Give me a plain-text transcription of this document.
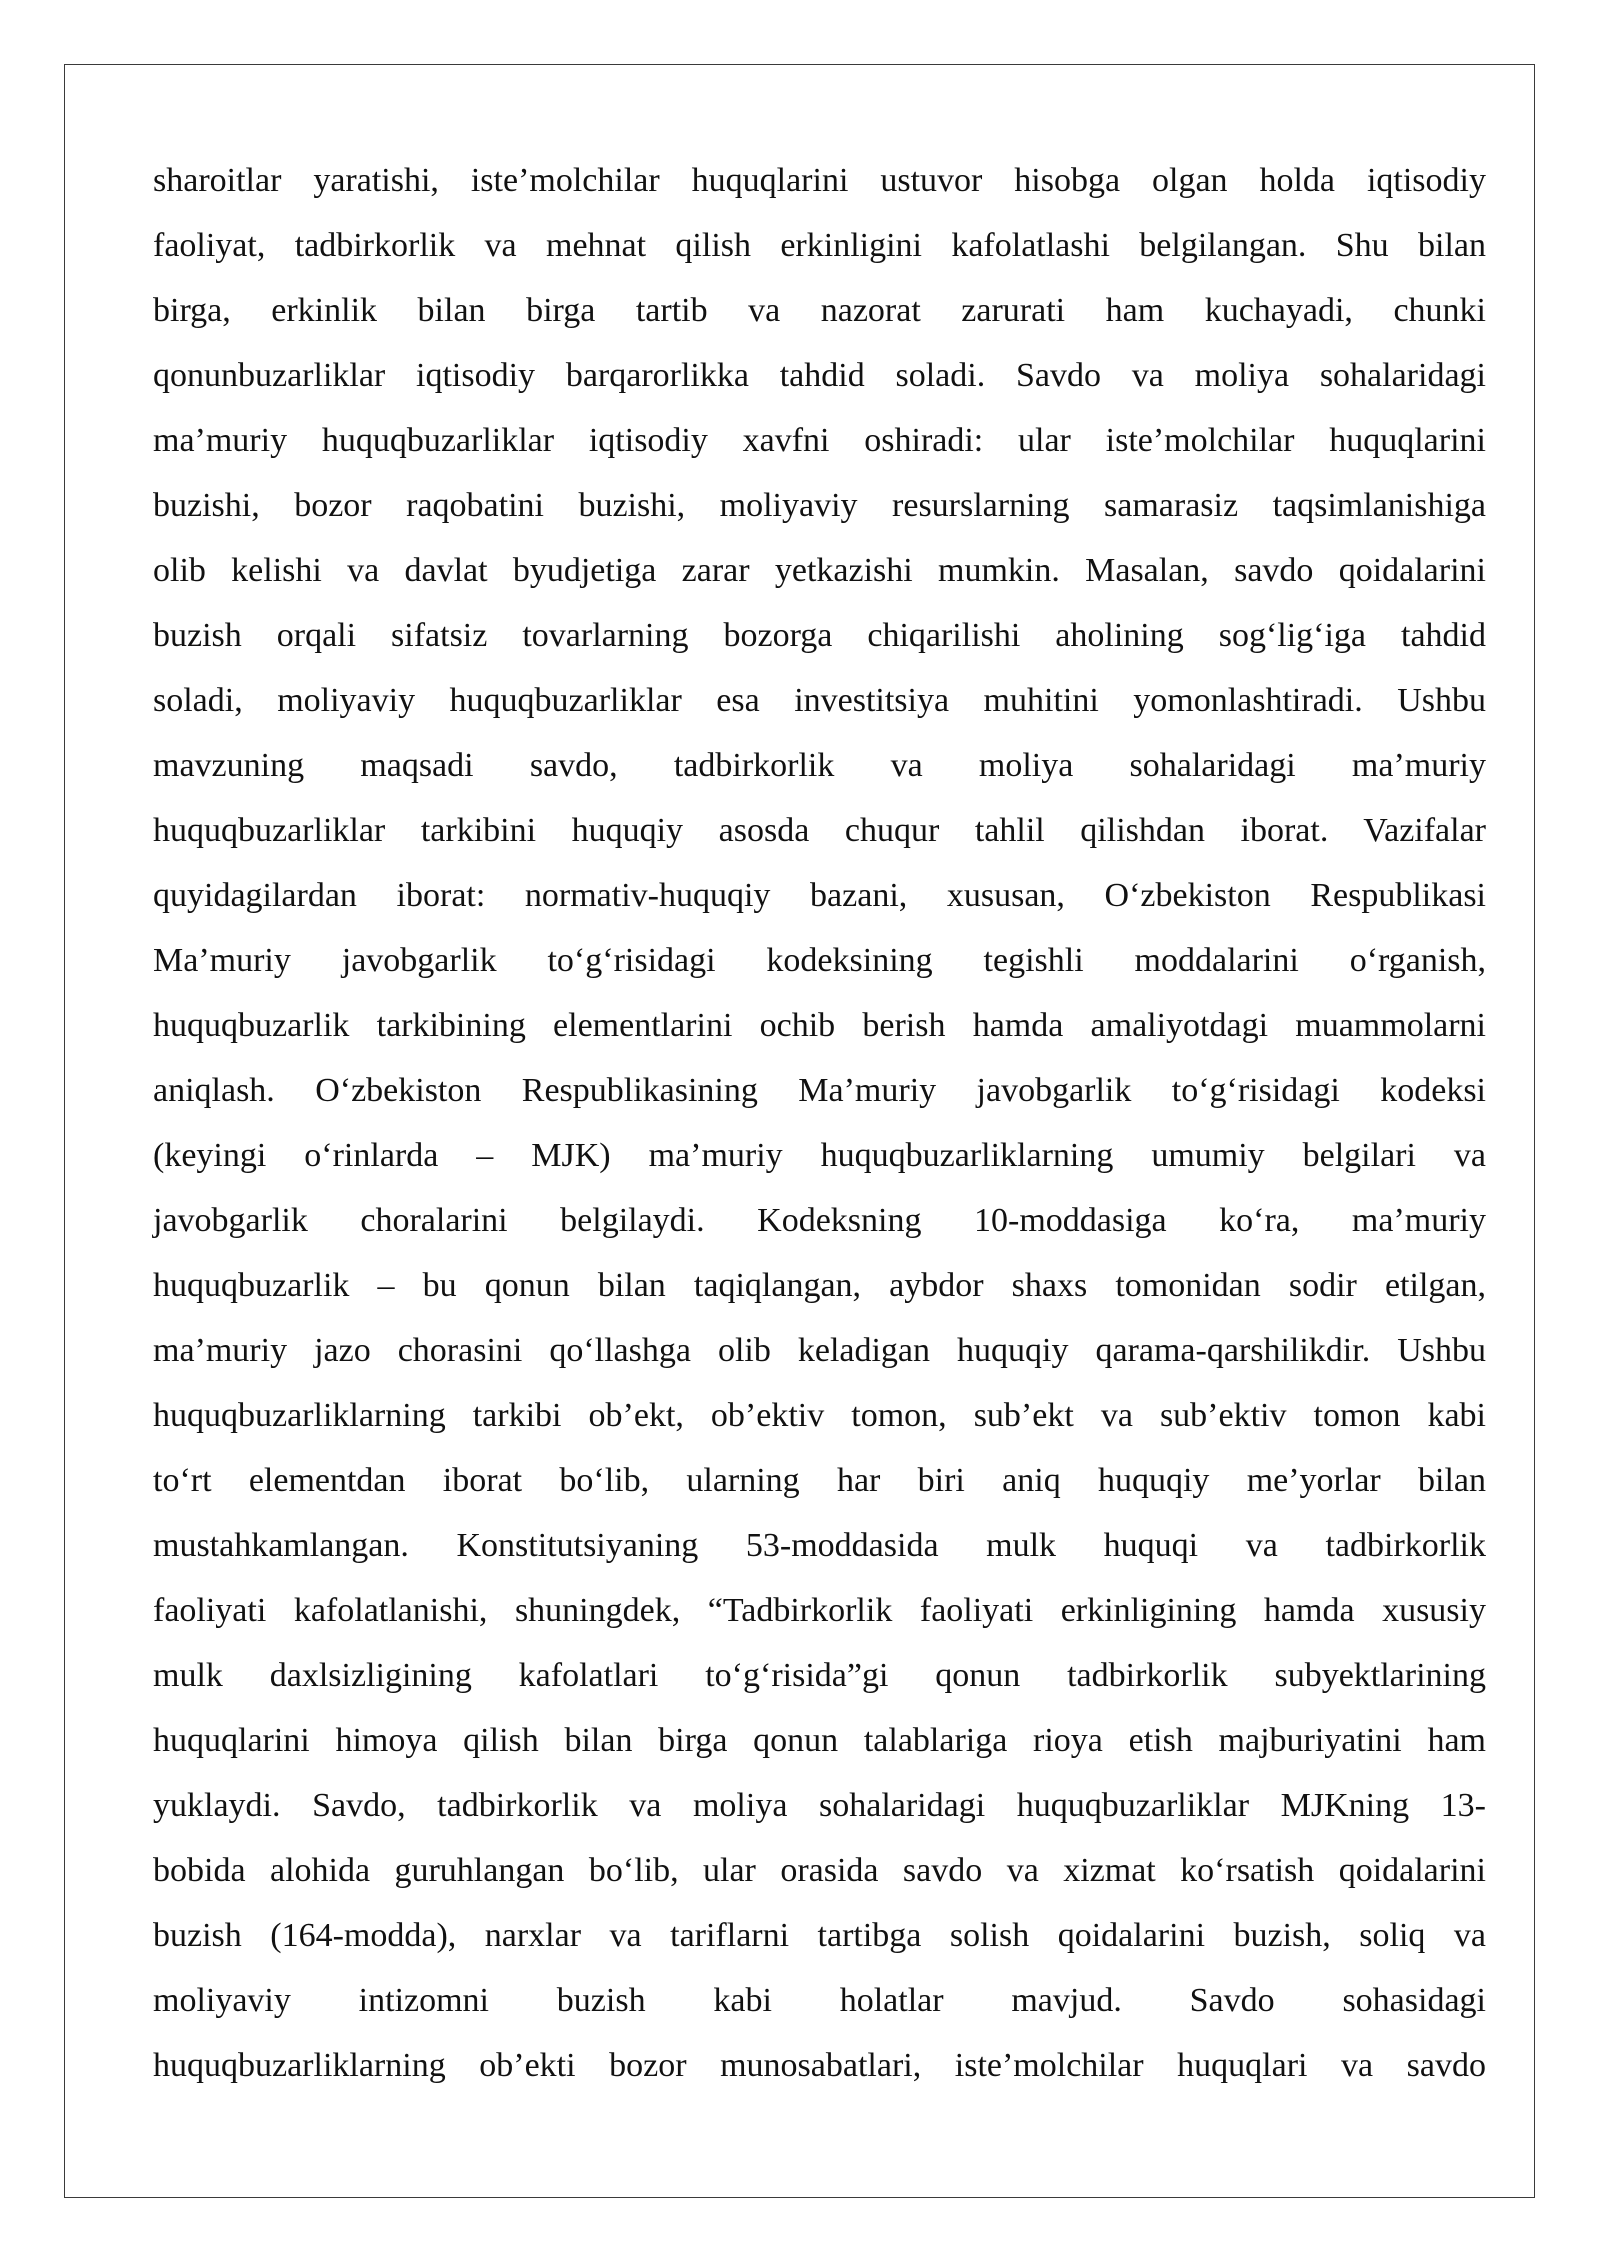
sharoitlar yaratishi, iste’molchilar huquqlarini ustuvor hisobga olgan holda iqtisodiy
faoliyat, tadbirkorlik va mehnat qilish erkinligini kafolatlashi belgilangan. Shu bilan
birga, erkinlik bilan birga tartib va nazorat zarurati ham kuchayadi, chunki
qonunbuzarliklar iqtisodiy barqarorlikka tahdid soladi. Savdo va moliya sohalaridagi
ma’muriy huquqbuzarliklar iqtisodiy xavfni oshiradi: ular iste’molchilar huquqlarini
buzishi, bozor raqobatini buzishi, moliyaviy resurslarning samarasiz taqsimlanishiga
olib kelishi va davlat byudjetiga zarar yetkazishi mumkin. Masalan, savdo qoidalarini
buzish orqali sifatsiz tovarlarning bozorga chiqarilishi aholining sog‘lig‘iga tahdid
soladi, moliyaviy huquqbuzarliklar esa investitsiya muhitini yomonlashtiradi. Ushbu
mavzuning maqsadi savdo, tadbirkorlik va moliya sohalaridagi ma’muriy
huquqbuzarliklar tarkibini huquqiy asosda chuqur tahlil qilishdan iborat. Vazifalar
quyidagilardan iborat: normativ-huquqiy bazani, xususan, O‘zbekiston Respublikasi
Ma’muriy javobgarlik to‘g‘risidagi kodeksining tegishli moddalarini o‘rganish,
huquqbuzarlik tarkibining elementlarini ochib berish hamda amaliyotdagi muammolarni
aniqlash. O‘zbekiston Respublikasining Ma’muriy javobgarlik to‘g‘risidagi kodeksi
(keyingi o‘rinlarda – MJK) ma’muriy huquqbuzarliklarning umumiy belgilari va
javobgarlik choralarini belgilaydi. Kodeksning 10-moddasiga ko‘ra, ma’muriy
huquqbuzarlik – bu qonun bilan taqiqlangan, aybdor shaxs tomonidan sodir etilgan,
ma’muriy jazo chorasini qo‘llashga olib keladigan huquqiy qarama-qarshilikdir. Ushbu
huquqbuzarliklarning tarkibi ob’ekt, ob’ektiv tomon, sub’ekt va sub’ektiv tomon kabi
to‘rt elementdan iborat bo‘lib, ularning har biri aniq huquqiy me’yorlar bilan
mustahkamlangan. Konstitutsiyaning 53-moddasida mulk huquqi va tadbirkorlik
faoliyati kafolatlanishi, shuningdek, “Tadbirkorlik faoliyati erkinligining hamda xususiy
mulk daxlsizligining kafolatlari to‘g‘risida”gi qonun tadbirkorlik subyektlarining
huquqlarini himoya qilish bilan birga qonun talablariga rioya etish majburiyatini ham
yuklaydi. Savdo, tadbirkorlik va moliya sohalaridagi huquqbuzarliklar MJKning 13-
bobida alohida guruhlangan bo‘lib, ular orasida savdo va xizmat ko‘rsatish qoidalarini
buzish (164-modda), narxlar va tariflarni tartibga solish qoidalarini buzish, soliq va
moliyaviy intizomni buzish kabi holatlar mavjud. Savdo sohasidagi
huquqbuzarliklarning ob’ekti bozor munosabatlari, iste’molchilar huquqlari va savdo
